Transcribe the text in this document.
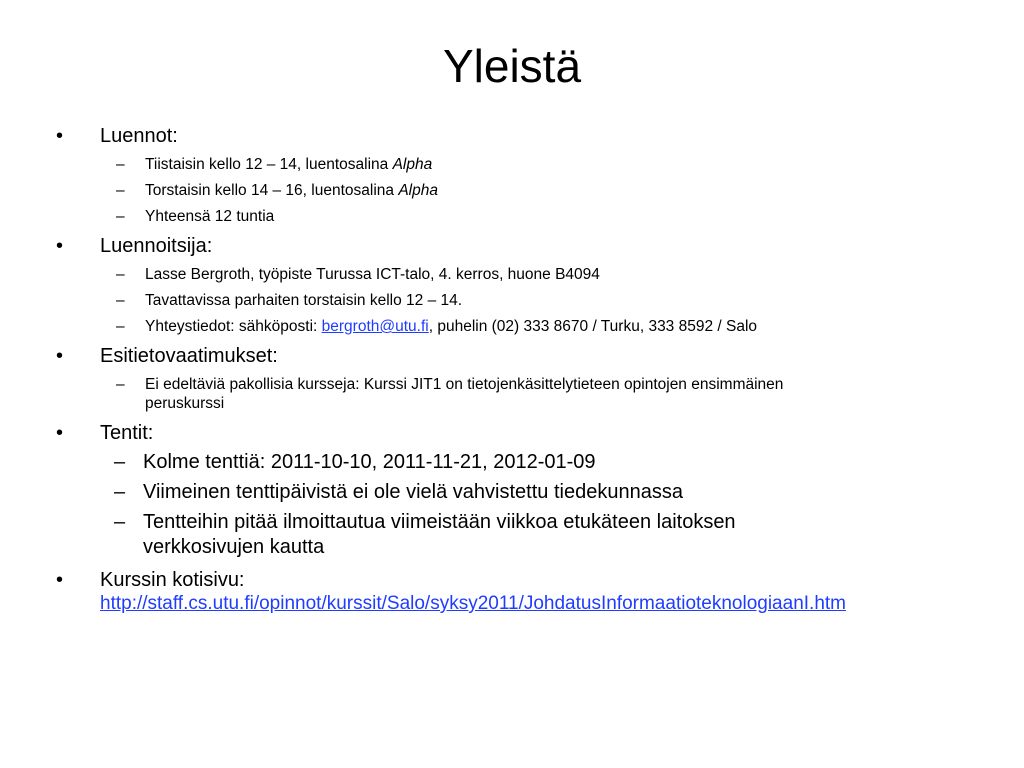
Yleistä
•	Luennot:
– Tiistaisin kello 12 – 14, luentosalina Alpha
– Torstaisin kello 14 – 16, luentosalina Alpha
– Yhteensä 12 tuntia
•	Luennoitsija:
– Lasse Bergroth, työpiste Turussa ICT-talo, 4. kerros, huone B4094
– Tavattavissa parhaiten torstaisin kello 12 – 14.
– Yhteystiedot: sähköposti: bergroth@utu.fi, puhelin (02) 333 8670 / Turku, 333 8592 / Salo
•	Esitietovaatimukset:
– Ei edeltäviä pakollisia kursseja: Kurssi JIT1 on tietojenkäsittelytieteen opintojen ensimmäinen
peruskurssi
•	Tentit:
– Kolme tenttiä: 2011-10-10, 2011-11-21, 2012-01-09
– Viimeinen tenttipäivistä ei ole vielä vahvistettu tiedekunnassa
– Tentteihin pitää ilmoittautua viimeistään viikkoa etukäteen laitoksen
verkkosivujen kautta
•	Kurssin kotisivu:
http://staff.cs.utu.fi/opinnot/kurssit/Salo/syksy2011/JohdatusInformaatioteknologiaanI.htm
